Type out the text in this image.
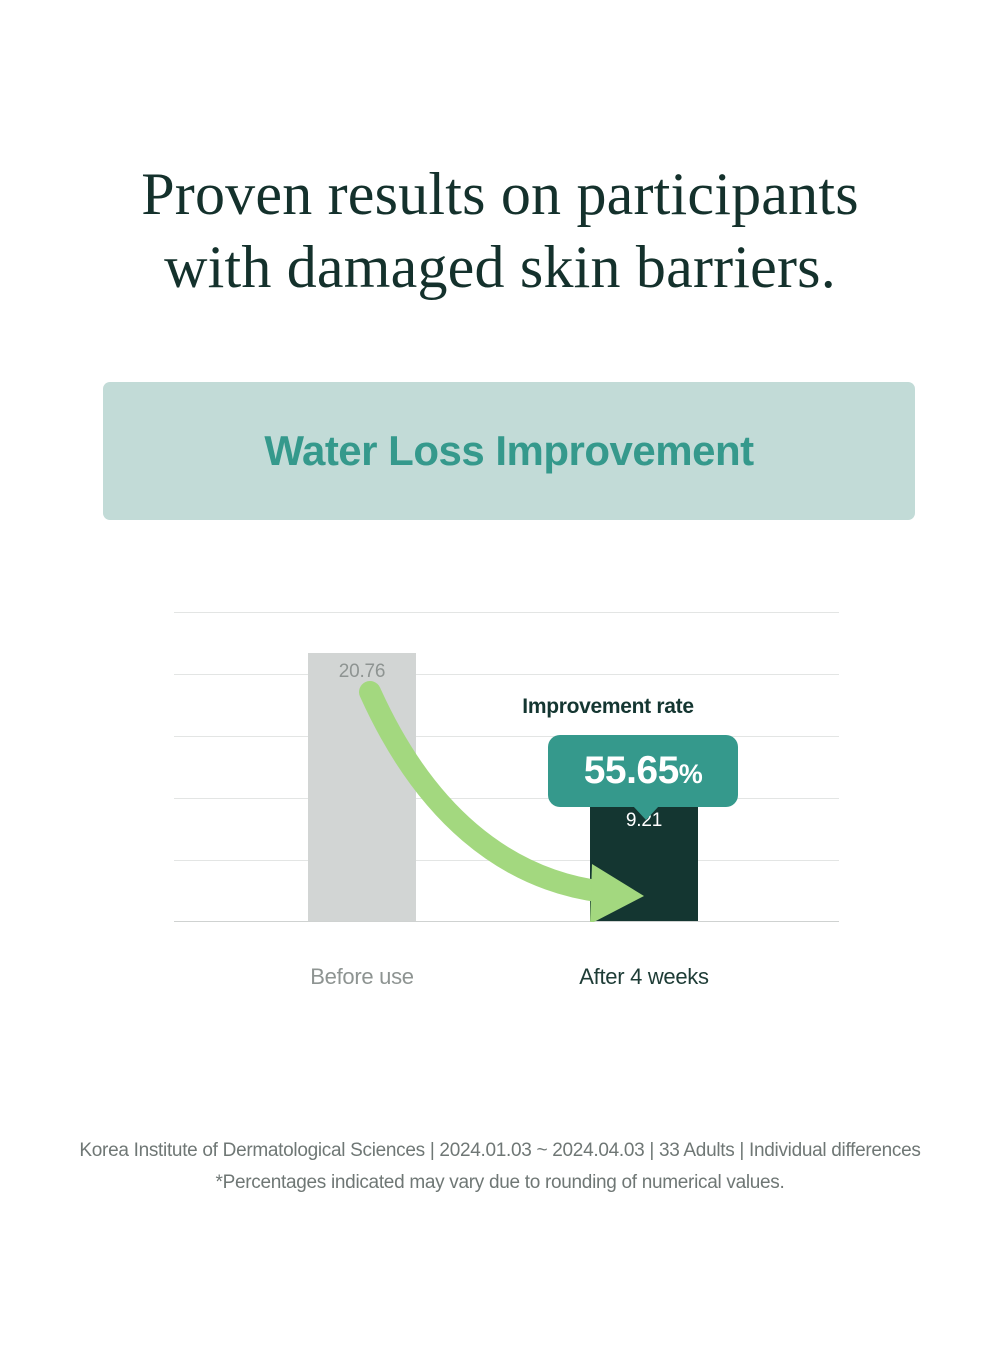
Proven results on participants
with damaged skin barriers.
Water Loss Improvement
20.76
9.21
Before use	After 4 weeks
Improvement rate
55.65%
Korea Institute of Dermatological Sciences | 2024.01.03 ~ 2024.04.03 | 33 Adults | Individual differences
*Percentages indicated may vary due to rounding of numerical values.
